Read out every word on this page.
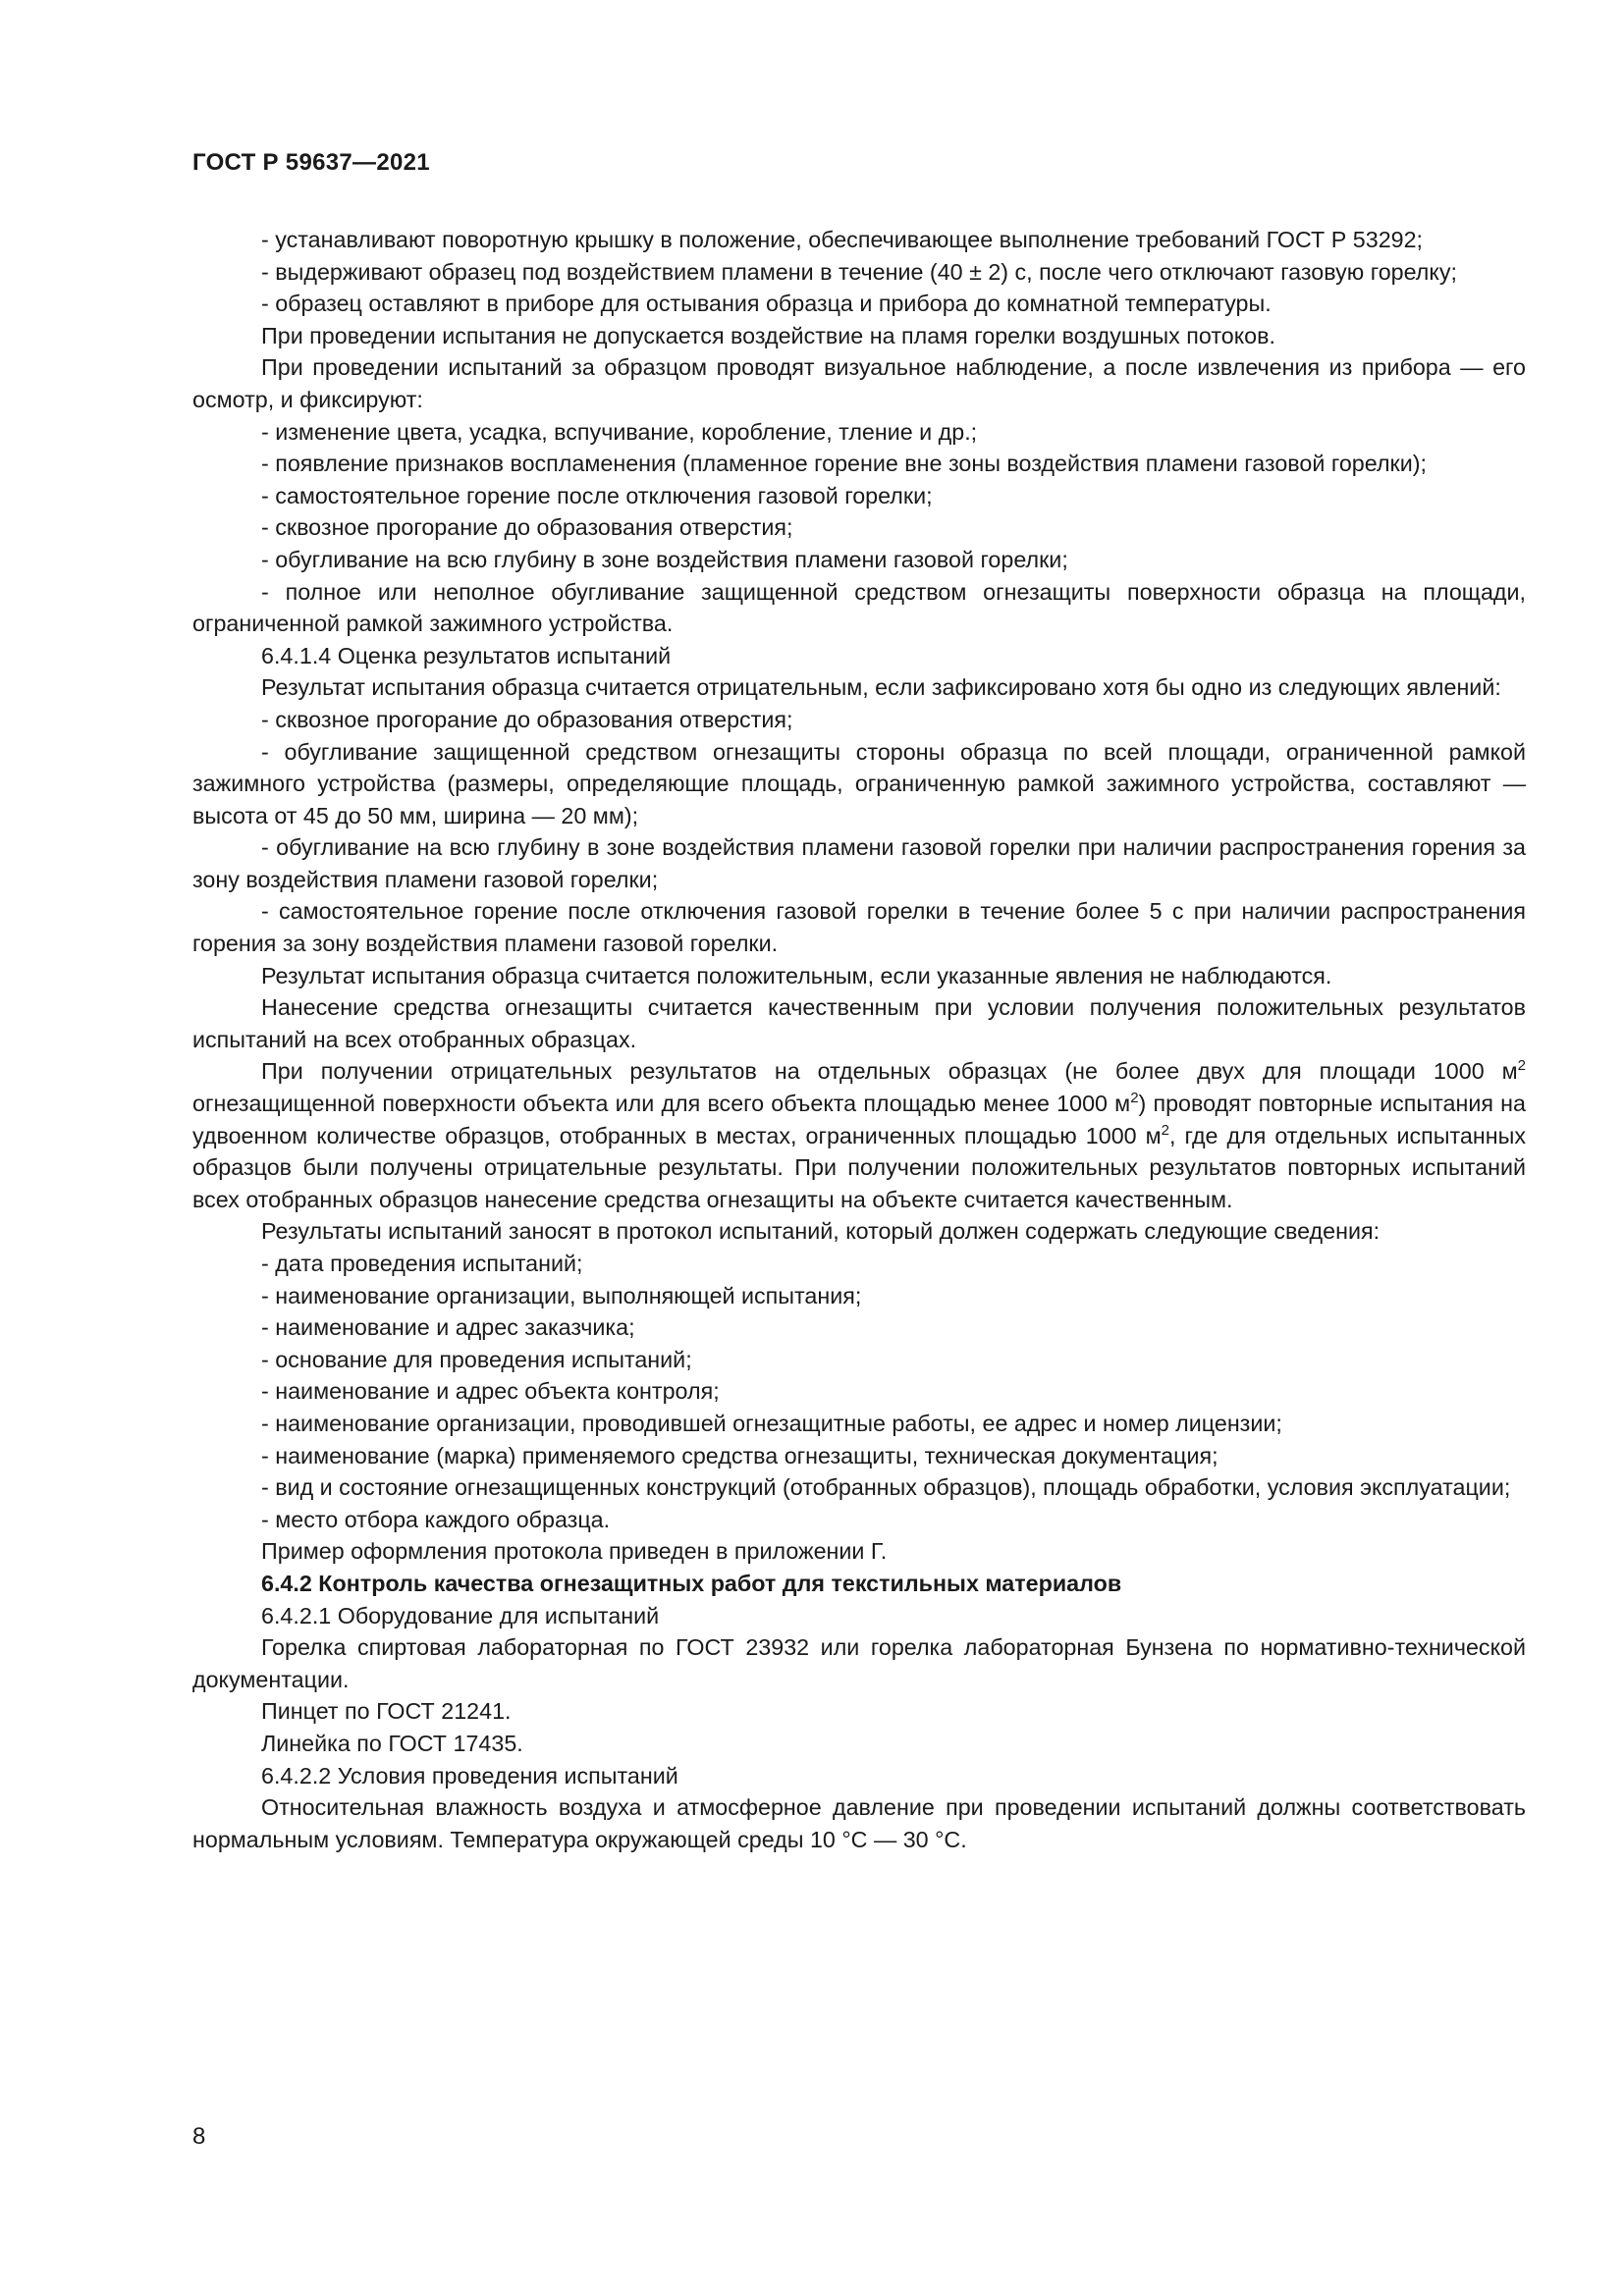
ГОСТ Р 59637—2021

- устанавливают поворотную крышку в положение, обеспечивающее выполнение требований ГОСТ Р 53292;

- выдерживают образец под воздействием пламени в течение (40 ± 2) с, после чего отключают газовую горелку;

- образец оставляют в приборе для остывания образца и прибора до комнатной температуры.

При проведении испытания не допускается воздействие на пламя горелки воздушных потоков.

При проведении испытаний за образцом проводят визуальное наблюдение, а после извлечения из прибора — его осмотр, и фиксируют:

- изменение цвета, усадка, вспучивание, коробление, тление и др.;

- появление признаков воспламенения (пламенное горение вне зоны воздействия пламени газовой горелки);

- самостоятельное горение после отключения газовой горелки;

- сквозное прогорание до образования отверстия;

- обугливание на всю глубину в зоне воздействия пламени газовой горелки;

- полное или неполное обугливание защищенной средством огнезащиты поверхности образца на площади, ограниченной рамкой зажимного устройства.

6.4.1.4 Оценка результатов испытаний

Результат испытания образца считается отрицательным, если зафиксировано хотя бы одно из следующих явлений:

- сквозное прогорание до образования отверстия;

- обугливание защищенной средством огнезащиты стороны образца по всей площади, ограниченной рамкой зажимного устройства (размеры, определяющие площадь, ограниченную рамкой зажимного устройства, составляют — высота от 45 до 50 мм, ширина — 20 мм);

- обугливание на всю глубину в зоне воздействия пламени газовой горелки при наличии распространения горения за зону воздействия пламени газовой горелки;

- самостоятельное горение после отключения газовой горелки в течение более 5 с при наличии распространения горения за зону воздействия пламени газовой горелки.

Результат испытания образца считается положительным, если указанные явления не наблюдаются.

Нанесение средства огнезащиты считается качественным при условии получения положительных результатов испытаний на всех отобранных образцах.

При получении отрицательных результатов на отдельных образцах (не более двух для площади 1000 $м^2$ огнезащищенной поверхности объекта или для всего объекта площадью менее 1000 $м^2$) проводят повторные испытания на удвоенном количестве образцов, отобранных в местах, ограниченных площадью 1000 $м^2$, где для отдельных испытанных образцов были получены отрицательные результаты. При получении положительных результатов повторных испытаний всех отобранных образцов нанесение средства огнезащиты на объекте считается качественным.

Результаты испытаний заносят в протокол испытаний, который должен содержать следующие сведения:

- дата проведения испытаний;

- наименование организации, выполняющей испытания;

- наименование и адрес заказчика;

- основание для проведения испытаний;

- наименование и адрес объекта контроля;

- наименование организации, проводившей огнезащитные работы, ее адрес и номер лицензии;

- наименование (марка) применяемого средства огнезащиты, техническая документация;

- вид и состояние огнезащищенных конструкций (отобранных образцов), площадь обработки, условия эксплуатации;

- место отбора каждого образца.

Пример оформления протокола приведен в приложении Г.

6.4.2 Контроль качества огнезащитных работ для текстильных материалов

6.4.2.1 Оборудование для испытаний

Горелка спиртовая лабораторная по ГОСТ 23932 или горелка лабораторная Бунзена по нормативно-технической документации.

Пинцет по ГОСТ 21241.

Линейка по ГОСТ 17435.

6.4.2.2 Условия проведения испытаний

Относительная влажность воздуха и атмосферное давление при проведении испытаний должны соответствовать нормальным условиям. Температура окружающей среды 10 °С — 30 °С.

8
